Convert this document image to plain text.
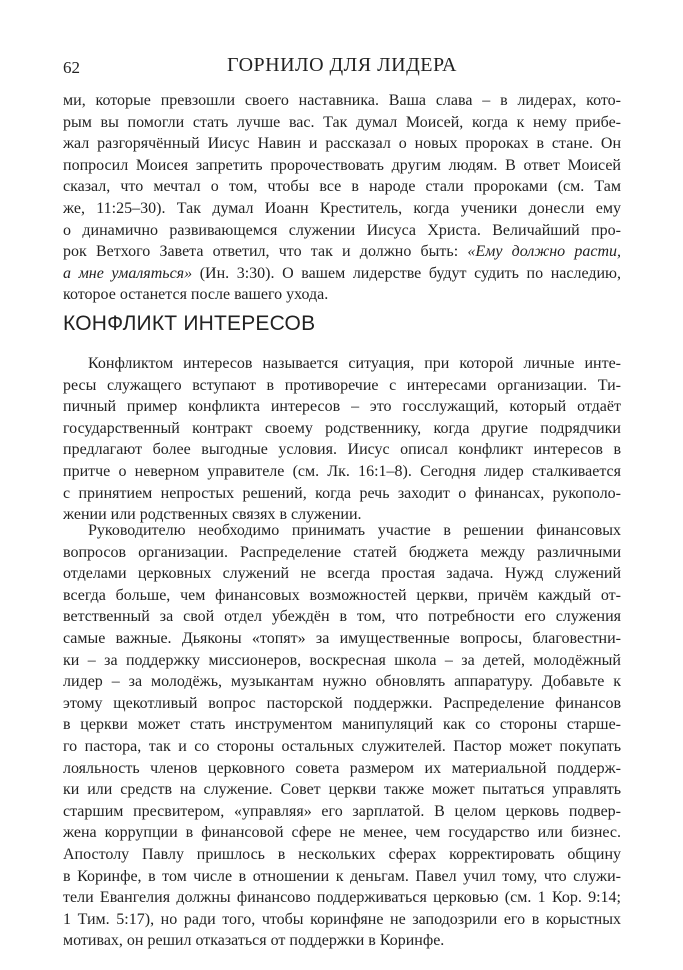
62	ГОРНИЛО ДЛЯ ЛИДЕРА
ми, которые превзошли своего наставника. Ваша слава – в лидерах, кото-
рым вы помогли стать лучше вас. Так думал Моисей, когда к нему прибе-
жал разгорячённый Иисус Навин и рассказал о новых пророках в стане. Он
попросил Моисея запретить пророчествовать другим людям. В ответ Моисей
сказал, что мечтал о том, чтобы все в народе стали пророками (см. Там
же, 11:25–30). Так думал Иоанн Креститель, когда ученики донесли ему
о динамично развивающемся служении Иисуса Христа. Величайший про-
рок Ветхого Завета ответил, что так и должно быть: «Ему должно расти,
а мне умаляться» (Ин. 3:30). О вашем лидерстве будут судить по наследию,
которое останется после вашего ухода.
КОНФЛИКТ ИНТЕРЕСОВ
Конфликтом интересов называется ситуация, при которой личные инте-
ресы служащего вступают в противоречие с интересами организации. Ти-
пичный пример конфликта интересов – это госслужащий, который отдаёт
государственный контракт своему родственнику, когда другие подрядчики
предлагают более выгодные условия. Иисус описал конфликт интересов в
притче о неверном управителе (см. Лк. 16:1–8). Сегодня лидер сталкивается
с принятием непростых решений, когда речь заходит о финансах, рукополо-
жении или родственных связях в служении.
Руководителю необходимо принимать участие в решении финансовых
вопросов организации. Распределение статей бюджета между различными
отделами церковных служений не всегда простая задача. Нужд служений
всегда больше, чем финансовых возможностей церкви, причём каждый от-
ветственный за свой отдел убеждён в том, что потребности его служения
самые важные. Дьяконы «топят» за имущественные вопросы, благовестни-
ки – за поддержку миссионеров, воскресная школа – за детей, молодёжный
лидер – за молодёжь, музыкантам нужно обновлять аппаратуру. Добавьте к
этому щекотливый вопрос пасторской поддержки. Распределение финансов
в церкви может стать инструментом манипуляций как со стороны старше-
го пастора, так и со стороны остальных служителей. Пастор может покупать
лояльность членов церковного совета размером их материальной поддерж-
ки или средств на служение. Совет церкви также может пытаться управлять
старшим пресвитером, «управляя» его зарплатой. В целом церковь подвер-
жена коррупции в финансовой сфере не менее, чем государство или бизнес.
Апостолу Павлу пришлось в нескольких сферах корректировать общину
в Коринфе, в том числе в отношении к деньгам. Павел учил тому, что служи-
тели Евангелия должны финансово поддерживаться церковью (см. 1 Кор. 9:14;
1 Тим. 5:17), но ради того, чтобы коринфяне не заподозрили его в корыстных
мотивах, он решил отказаться от поддержки в Коринфе.
